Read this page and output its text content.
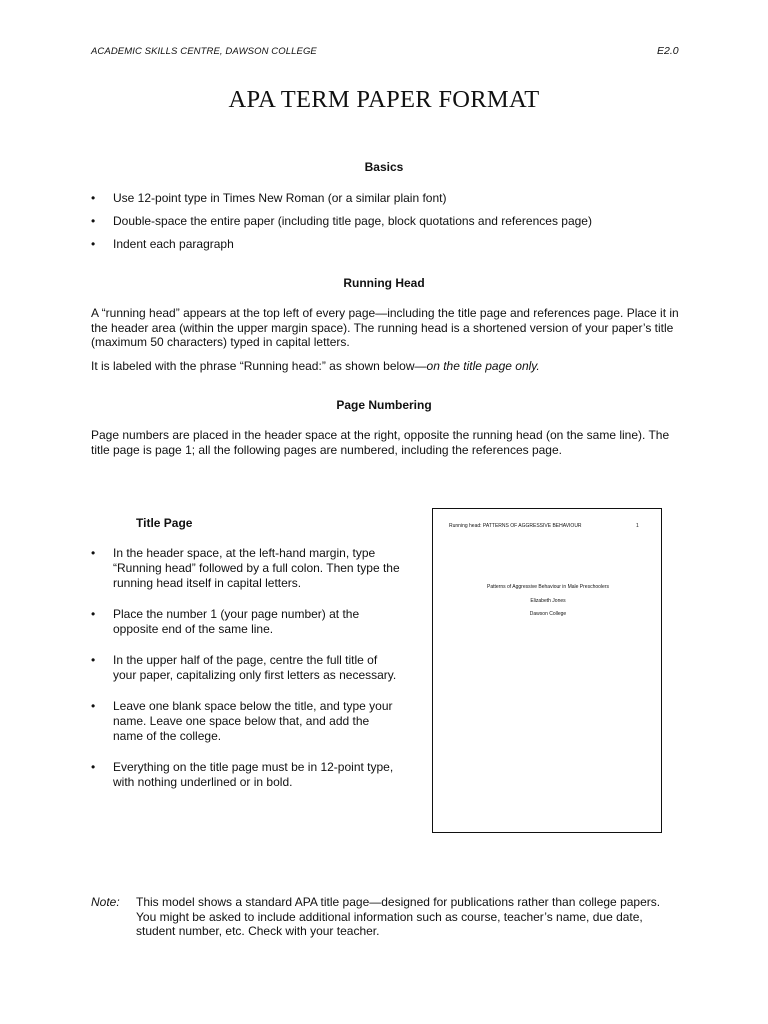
ACADEMIC SKILLS CENTRE, DAWSON COLLEGE	E2.0
APA TERM PAPER FORMAT
Basics
• Use 12-point type in Times New Roman (or a similar plain font)
• Double-space the entire paper (including title page, block quotations and references page)
• Indent each paragraph
Running Head

A “running head” appears at the top left of every page—including the title page and references page. Place it in the header area (within the upper margin space). The running head is a shortened version of your paper’s title (maximum 50 characters) typed in capital letters.

It is labeled with the phrase “Running head:” as shown below—on the title page only.

Page Numbering

Page numbers are placed in the header space at the right, opposite the running head (on the same line). The title page is page 1; all the following pages are numbered, including the references page.

Title Page
• In the header space, at the left-hand margin, type “Running head” followed by a full colon. Then type the running head itself in capital letters.
• Place the number 1 (your page number) at the opposite end of the same line.
• In the upper half of the page, centre the full title of your paper, capitalizing only first letters as necessary.
• Leave one blank space below the title, and type your name. Leave one space below that, and add the name of the college.
• Everything on the title page must be in 12-point type, with nothing underlined or in bold.
Running head: PATTERNS OF AGGRESSIVE BEHAVIOUR	1
Patterns of Aggressive Behaviour in Male Preschoolers
Elizabeth Jones
Dawson College
Note: This model shows a standard APA title page—designed for publications rather than college papers. You might be asked to include additional information such as course, teacher’s name, due date, student number, etc. Check with your teacher.
